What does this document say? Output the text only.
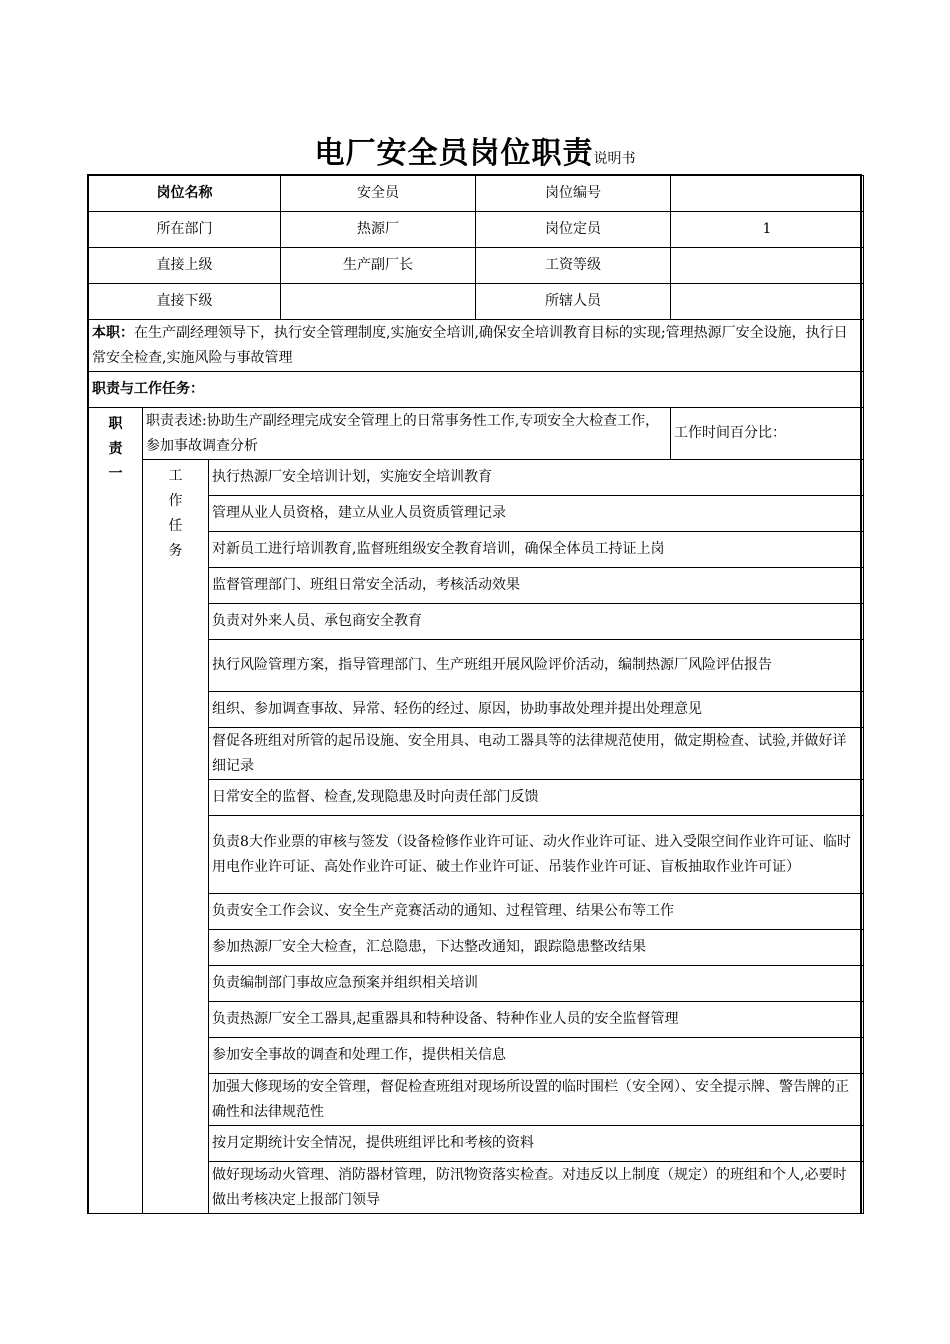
电厂安全员岗位职责说明书
岗位名称			安全员	岗位编号	
所在部门			热源厂	岗位定员	1
直接上级			生产副厂长	工资等级	
直接下级				所辖人员	
本职：在生产副经理领导下，执行安全管理制度,实施安全培训,确保安全培训教育目标的实现;管理热源厂安全设施，执行日常安全检查,实施风险与事故管理					
职责与工作任务：					

职
责
一	职责表述:协助生产副经理完成安全管理上的日常事务性工作,专项安全大检查工作，参加事故调查分析				工作时间百分比：

	工
作
任
务	执行热源厂安全培训计划，实施安全培训教育			
		管理从业人员资格，建立从业人员资质管理记录			
		对新员工进行培训教育,监督班组级安全教育培训，确保全体员工持证上岗			
		监督管理部门、班组日常安全活动，考核活动效果			
		负责对外来人员、承包商安全教育			
		执行风险管理方案，指导管理部门、生产班组开展风险评价活动，编制热源厂风险评估报告			
		组织、参加调查事故、异常、轻伤的经过、原因，协助事故处理并提出处理意见			
		督促各班组对所管的起吊设施、安全用具、电动工器具等的法律规范使用，做定期检查、试验,并做好详细记录			
		日常安全的监督、检查,发现隐患及时向责任部门反馈			
		负责8大作业票的审核与签发（设备检修作业许可证、动火作业许可证、进入受限空间作业许可证、临时用电作业许可证、高处作业许可证、破土作业许可证、吊装作业许可证、盲板抽取作业许可证）			
		负责安全工作会议、安全生产竞赛活动的通知、过程管理、结果公布等工作			
		参加热源厂安全大检查，汇总隐患，下达整改通知，跟踪隐患整改结果			
		负责编制部门事故应急预案并组织相关培训			
		负责热源厂安全工器具,起重器具和特种设备、特种作业人员的安全监督管理			
		参加安全事故的调查和处理工作，提供相关信息			
		加强大修现场的安全管理，督促检查班组对现场所设置的临时围栏（安全网）、安全提示牌、警告牌的正确性和法律规范性			
		按月定期统计安全情况，提供班组评比和考核的资料			
		做好现场动火管理、消防器材管理，防汛物资落实检查。对违反以上制度（规定）的班组和个人,必要时做出考核决定上报部门领导			
